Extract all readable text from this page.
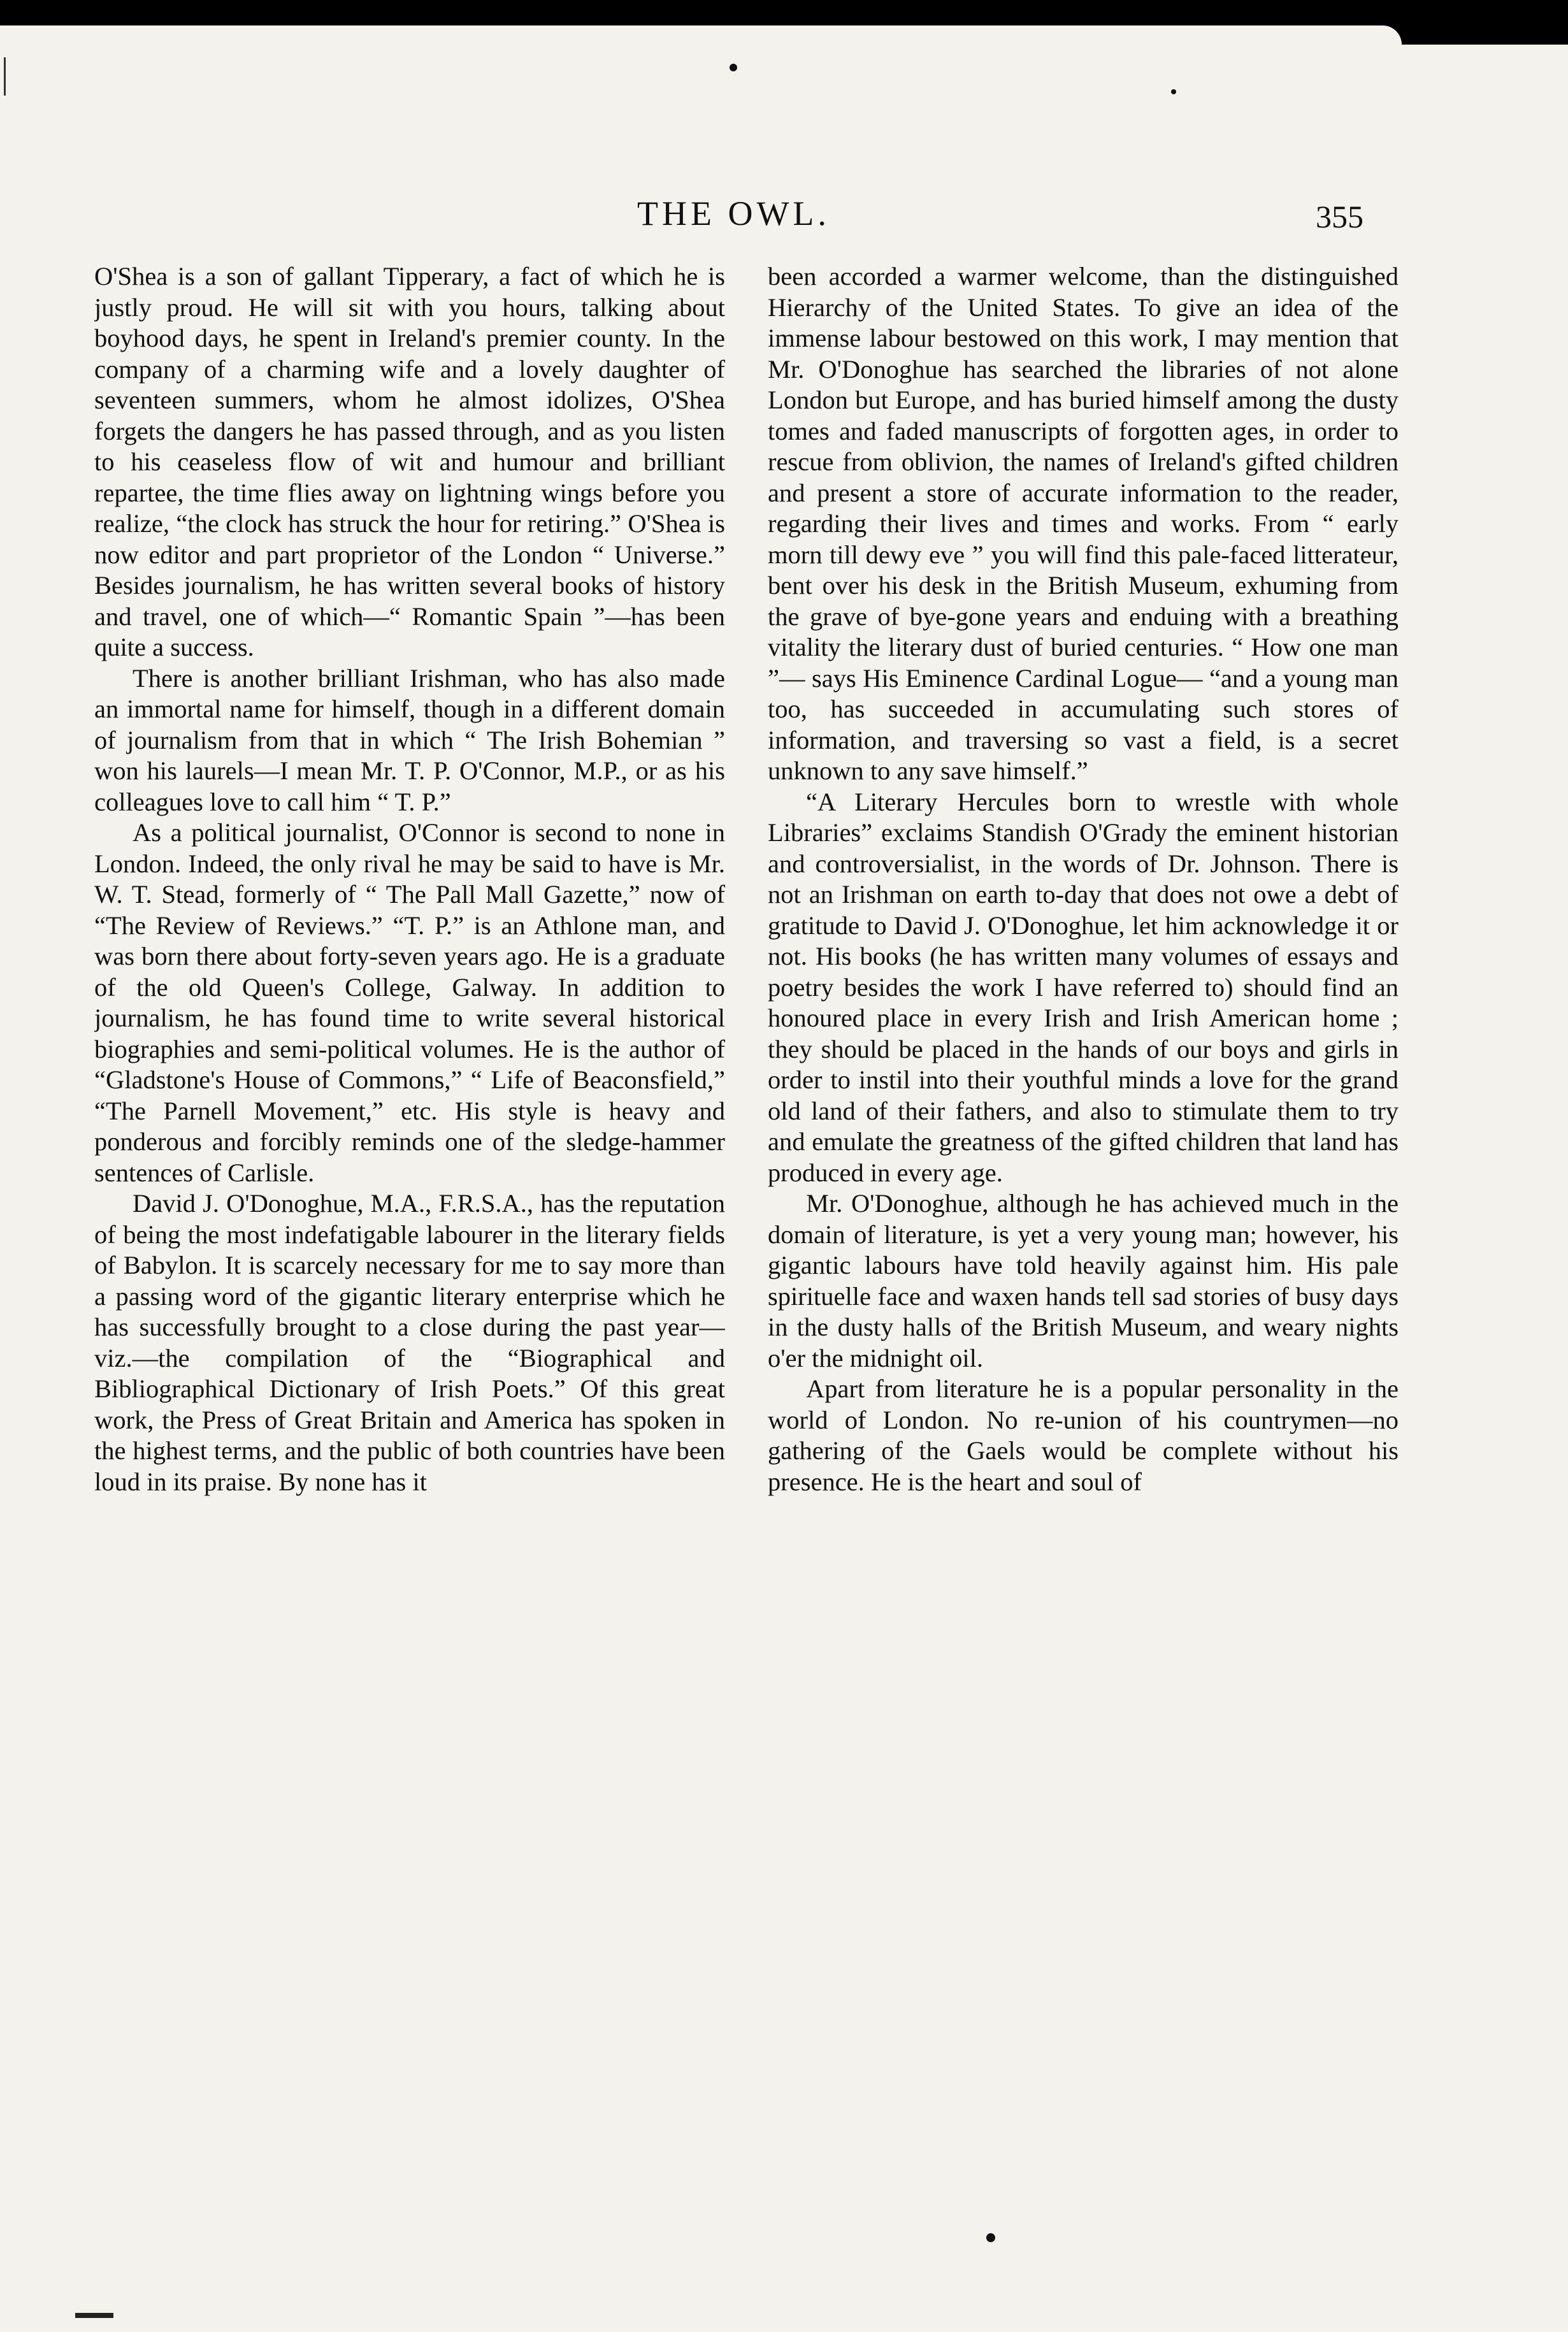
THE OWL.	355

O'Shea is a son of gallant Tipperary, a fact of which he is justly proud. He will sit with you hours, talking about boyhood days, he spent in Ireland's premier county. In the company of a charming wife and a lovely daughter of seventeen summers, whom he almost idolizes, O'Shea forgets the dangers he has passed through, and as you listen to his ceaseless flow of wit and humour and brilliant repartee, the time flies away on lightning wings before you realize, “the clock has struck the hour for retiring.” O'Shea is now editor and part proprietor of the London “ Universe.” Besides journalism, he has written several books of history and travel, one of which—“ Romantic Spain ”—has been quite a success.

There is another brilliant Irishman, who has also made an immortal name for himself, though in a different domain of journalism from that in which “ The Irish Bohemian ” won his laurels—I mean Mr. T. P. O'Connor, M.P., or as his colleagues love to call him “ T. P.”

As a political journalist, O'Connor is second to none in London. Indeed, the only rival he may be said to have is Mr. W. T. Stead, formerly of “ The Pall Mall Gazette,” now of “The Review of Reviews.” “T. P.” is an Athlone man, and was born there about forty-seven years ago. He is a graduate of the old Queen's College, Galway. In addition to journalism, he has found time to write several historical biographies and semi-political volumes. He is the author of “Gladstone's House of Commons,” “ Life of Beaconsfield,” “The Parnell Movement,” etc. His style is heavy and ponderous and forcibly reminds one of the sledge-hammer sentences of Carlisle.

David J. O'Donoghue, M.A., F.R.S.A., has the reputation of being the most indefatigable labourer in the literary fields of Babylon. It is scarcely necessary for me to say more than a passing word of the gigantic literary enterprise which he has successfully brought to a close during the past year—viz.—the compilation of the “Biographical and Bibliographical Dictionary of Irish Poets.” Of this great work, the Press of Great Britain and America has spoken in the highest terms, and the public of both countries have been loud in its praise. By none has it

been accorded a warmer welcome, than the distinguished Hierarchy of the United States. To give an idea of the immense labour bestowed on this work, I may mention that Mr. O'Donoghue has searched the libraries of not alone London but Europe, and has buried himself among the dusty tomes and faded manuscripts of forgotten ages, in order to rescue from oblivion, the names of Ireland's gifted children and present a store of accurate information to the reader, regarding their lives and times and works. From “ early morn till dewy eve ” you will find this pale-faced litterateur, bent over his desk in the British Museum, exhuming from the grave of bye-gone years and enduing with a breathing vitality the literary dust of buried centuries. “ How one man ”— says His Eminence Cardinal Logue— “and a young man too, has succeeded in accumulating such stores of information, and traversing so vast a field, is a secret unknown to any save himself.”

“A Literary Hercules born to wrestle with whole Libraries” exclaims Standish O'Grady the eminent historian and controversialist, in the words of Dr. Johnson. There is not an Irishman on earth to-day that does not owe a debt of gratitude to David J. O'Donoghue, let him acknowledge it or not. His books (he has written many volumes of essays and poetry besides the work I have referred to) should find an honoured place in every Irish and Irish American home ; they should be placed in the hands of our boys and girls in order to instil into their youthful minds a love for the grand old land of their fathers, and also to stimulate them to try and emulate the greatness of the gifted children that land has produced in every age.

Mr. O'Donoghue, although he has achieved much in the domain of literature, is yet a very young man; however, his gigantic labours have told heavily against him. His pale spirituelle face and waxen hands tell sad stories of busy days in the dusty halls of the British Museum, and weary nights o'er the midnight oil.

Apart from literature he is a popular personality in the world of London. No re-union of his countrymen—no gathering of the Gaels would be complete without his presence. He is the heart and soul of
